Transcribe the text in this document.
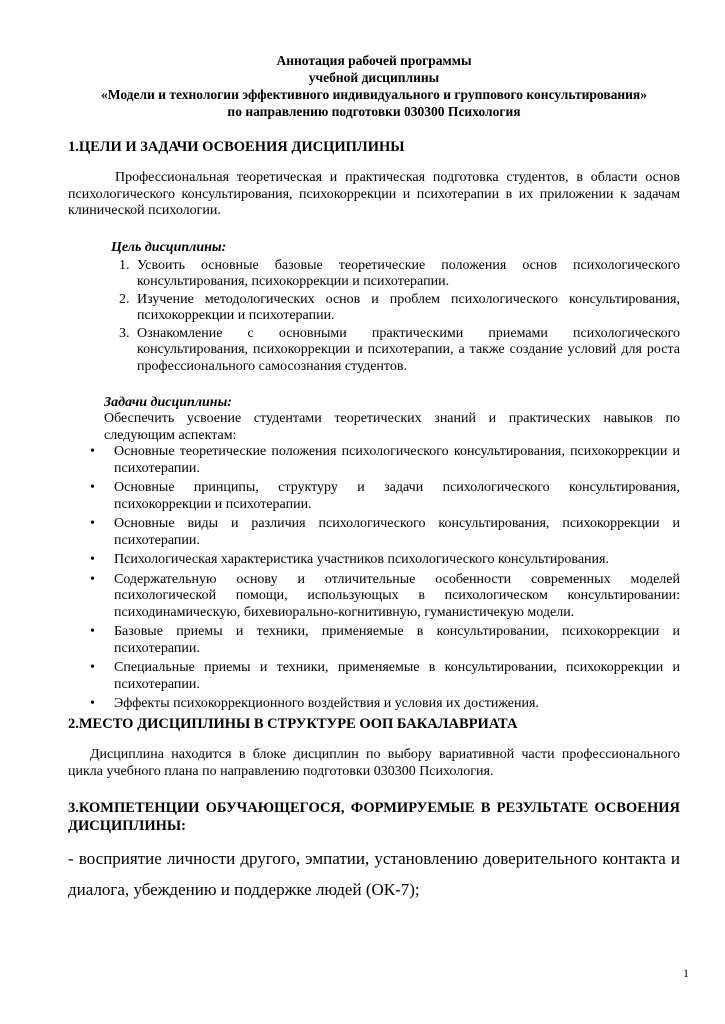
Аннотация рабочей программы
учебной дисциплины
«Модели и технологии эффективного индивидуального и группового консультирования»
по направлению подготовки 030300 Психология
1.ЦЕЛИ И ЗАДАЧИ ОСВОЕНИЯ ДИСЦИПЛИНЫ

Профессиональная теоретическая и практическая подготовка студентов, в области основ психологического консультирования, психокоррекции и психотерапии в их приложении к задачам клинической психологии.

Цель дисциплины:

1. Усвоить основные базовые теоретические положения основ психологического консультирования, психокоррекции и психотерапии.
2. Изучение методологических основ и проблем психологического консультирования, психокоррекции и психотерапии.
3. Ознакомление с основными практическими приемами психологического консультирования, психокоррекции и психотерапии, а также создание условий для роста профессионального самосознания студентов.

Задачи дисциплины:

Обеспечить усвоение студентами теоретических знаний и практических навыков по следующим аспектам:

• Основные теоретические положения психологического консультирования, психокоррекции и психотерапии.
• Основные принципы, структуру и задачи психологического консультирования, психокоррекции и психотерапии.
• Основные виды и различия психологического консультирования, психокоррекции и психотерапии.
• Психологическая характеристика участников психологического консультирования.
• Содержательную основу и отличительные особенности современных моделей психологической помощи, использующых в психологическом консультировании: психодинамическую, бихевиорально-когнитивную, гуманистичекую модели.
• Базовые приемы и техники, применяемые в консультировании, психокоррекции и психотерапии.
• Специальные приемы и техники, применяемые в консультировании, психокоррекции и психотерапии.
• Эффекты психокоррекционного воздействия и условия их достижения.
2.МЕСТО ДИСЦИПЛИНЫ В СТРУКТУРЕ ООП БАКАЛАВРИАТА

Дисциплина находится в блоке дисциплин по выбору вариативной части профессионального цикла учебного плана по направлению подготовки 030300 Психология.

3.КОМПЕТЕНЦИИ ОБУЧАЮЩЕГОСЯ, ФОРМИРУЕМЫЕ В РЕЗУЛЬТАТЕ ОСВОЕНИЯ ДИСЦИПЛИНЫ:

- восприятие личности другого, эмпатии, установлению доверительного контакта и диалога, убеждению и поддержке людей (ОК-7);

1
